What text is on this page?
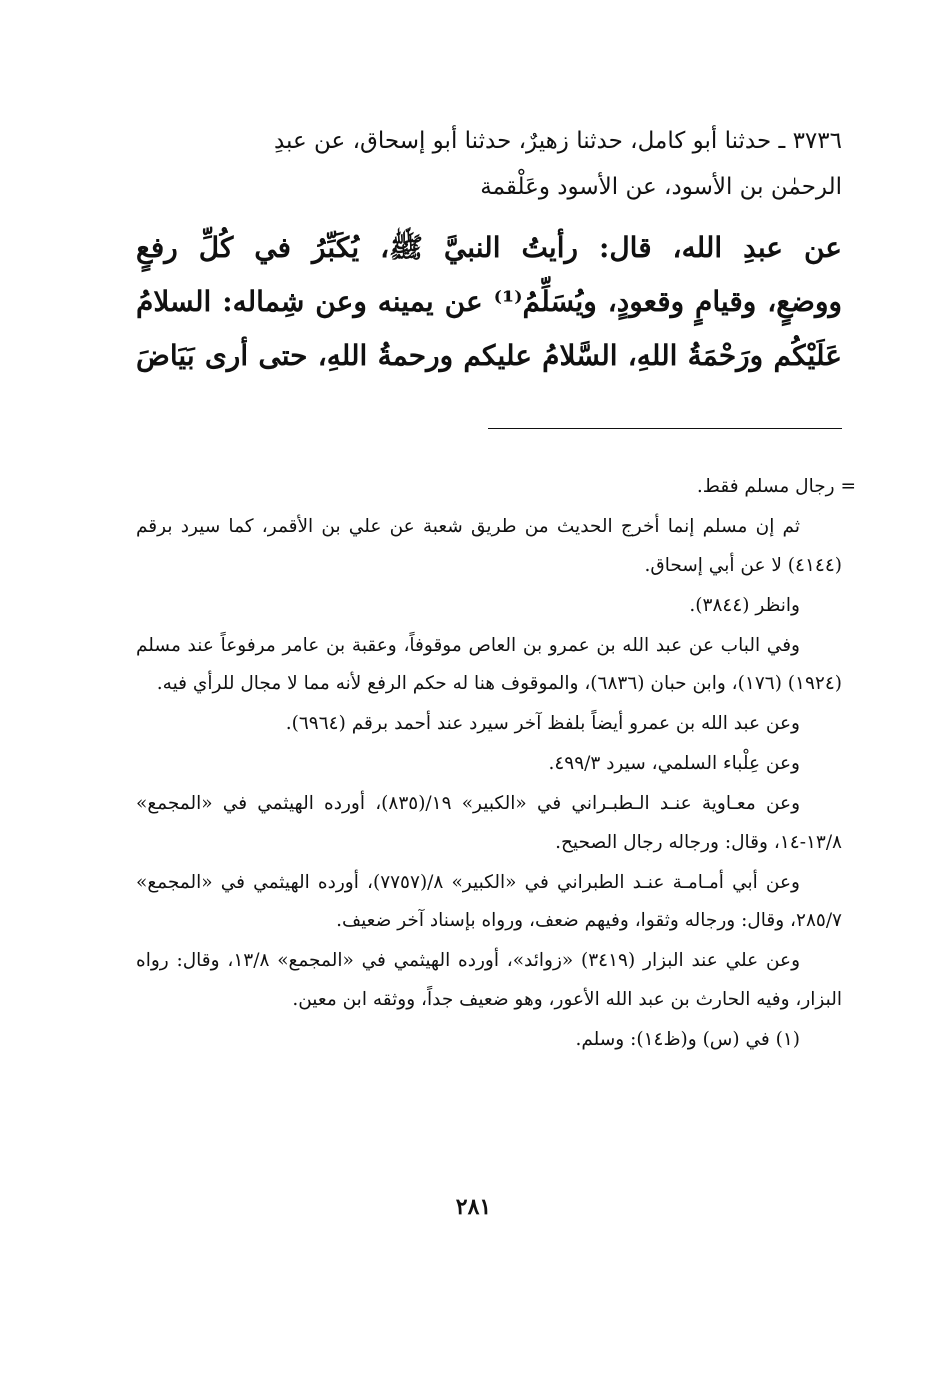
٣٧٣٦ ـ حدثنا أبو كامل، حدثنا زهيرٌ، حدثنا أبو إسحاق، عن عبدِ
الرحمٰن بن الأسود، عن الأسود وعَلْقمة
عن عبدِ الله، قال: رأيتُ النبيَّ ﷺ، يُكَبِّرُ في كُلِّ رفعٍ
ووضعٍ، وقيامٍ وقعودٍ، ويُسَلِّمُ⁽¹⁾ عن يمينه وعن شِماله: السلامُ
عَلَيْكُم ورَحْمَةُ اللهِ، السَّلامُ عليكم ورحمةُ اللهِ، حتى أرى بَيَاضَ

= رجال مسلم فقط.

ثم إن مسلم إنما أخرج الحديث من طريق شعبة عن علي بن الأقمر، كما سيرد برقم (٤١٤٤) لا عن أبي إسحاق.

وانظر (٣٨٤٤).

وفي الباب عن عبد الله بن عمرو بن العاص موقوفاً، وعقبة بن عامر مرفوعاً عند مسلم (١٩٢٤) (١٧٦)، وابن حبان (٦٨٣٦)، والموقوف هنا له حكم الرفع لأنه مما لا مجال للرأي فيه.

وعن عبد الله بن عمرو أيضاً بلفظ آخر سيرد عند أحمد برقم (٦٩٦٤).

وعن عِلْباء السلمي، سيرد ٤٩٩/٣.

وعن معـاوية عنـد الـطبـراني في «الكبير» ١٩/(٨٣٥)، أورده الهيثمي في «المجمع» ١٣/٨-١٤، وقال: ورجاله رجال الصحيح.

وعن أبي أمـامـة عنـد الطبراني في «الكبير» ٨/(٧٧٥٧)، أورده الهيثمي في «المجمع» ٢٨٥/٧، وقال: ورجاله وثقوا، وفيهم ضعف، ورواه بإسناد آخر ضعيف.

وعن علي عند البزار (٣٤١٩) «زوائد»، أورده الهيثمي في «المجمع» ١٣/٨، وقال: رواه البزار، وفيه الحارث بن عبد الله الأعور، وهو ضعيف جداً، ووثقه ابن معين.

(١) في (س) و(ظ١٤): وسلم.

٢٨١
